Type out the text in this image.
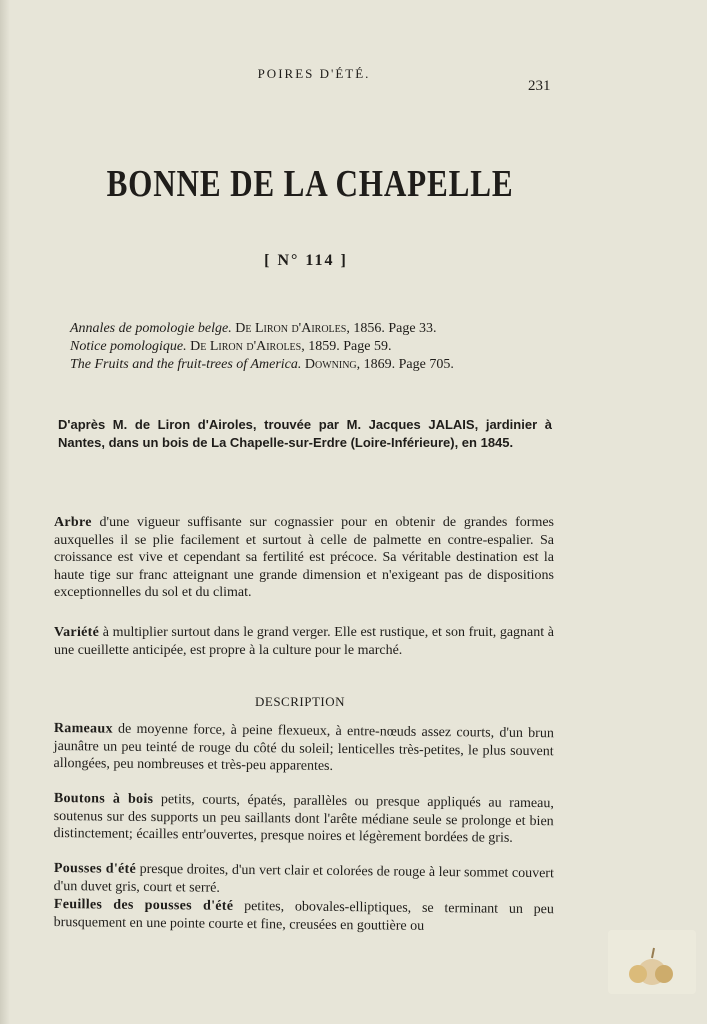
POIRES D'ÉTÉ.
231
BONNE DE LA CHAPELLE
[ N° 114 ]
Annales de pomologie belge. De Liron d'Airoles, 1856. Page 33.
Notice pomologique. De Liron d'Airoles, 1859. Page 59.
The Fruits and the fruit-trees of America. Downing, 1869. Page 705.
D'après M. de Liron d'Airoles, trouvée par M. Jacques JALAIS, jardinier à Nantes, dans un bois de La Chapelle-sur-Erdre (Loire-Inférieure), en 1845.
Arbre d'une vigueur suffisante sur cognassier pour en obtenir de grandes formes auxquelles il se plie facilement et surtout à celle de palmette en contre-espalier. Sa croissance est vive et cependant sa fertilité est précoce. Sa véritable destination est la haute tige sur franc atteignant une grande dimension et n'exigeant pas de dispositions exceptionnelles du sol et du climat.
Variété à multiplier surtout dans le grand verger. Elle est rustique, et son fruit, gagnant à une cueillette anticipée, est propre à la culture pour le marché.
DESCRIPTION
Rameaux de moyenne force, à peine flexueux, à entre-nœuds assez courts, d'un brun jaunâtre un peu teinté de rouge du côté du soleil; lenticelles très-petites, le plus souvent allongées, peu nombreuses et très-peu apparentes.
Boutons à bois petits, courts, épatés, parallèles ou presque appliqués au rameau, soutenus sur des supports un peu saillants dont l'arête médiane seule se prolonge et bien distinctement; écailles entr'ouvertes, presque noires et légèrement bordées de gris.
Pousses d'été presque droites, d'un vert clair et colorées de rouge à leur sommet couvert d'un duvet gris, court et serré.
Feuilles des pousses d'été petites, obovales-elliptiques, se terminant un peu brusquement en une pointe courte et fine, creusées en gouttière ou
